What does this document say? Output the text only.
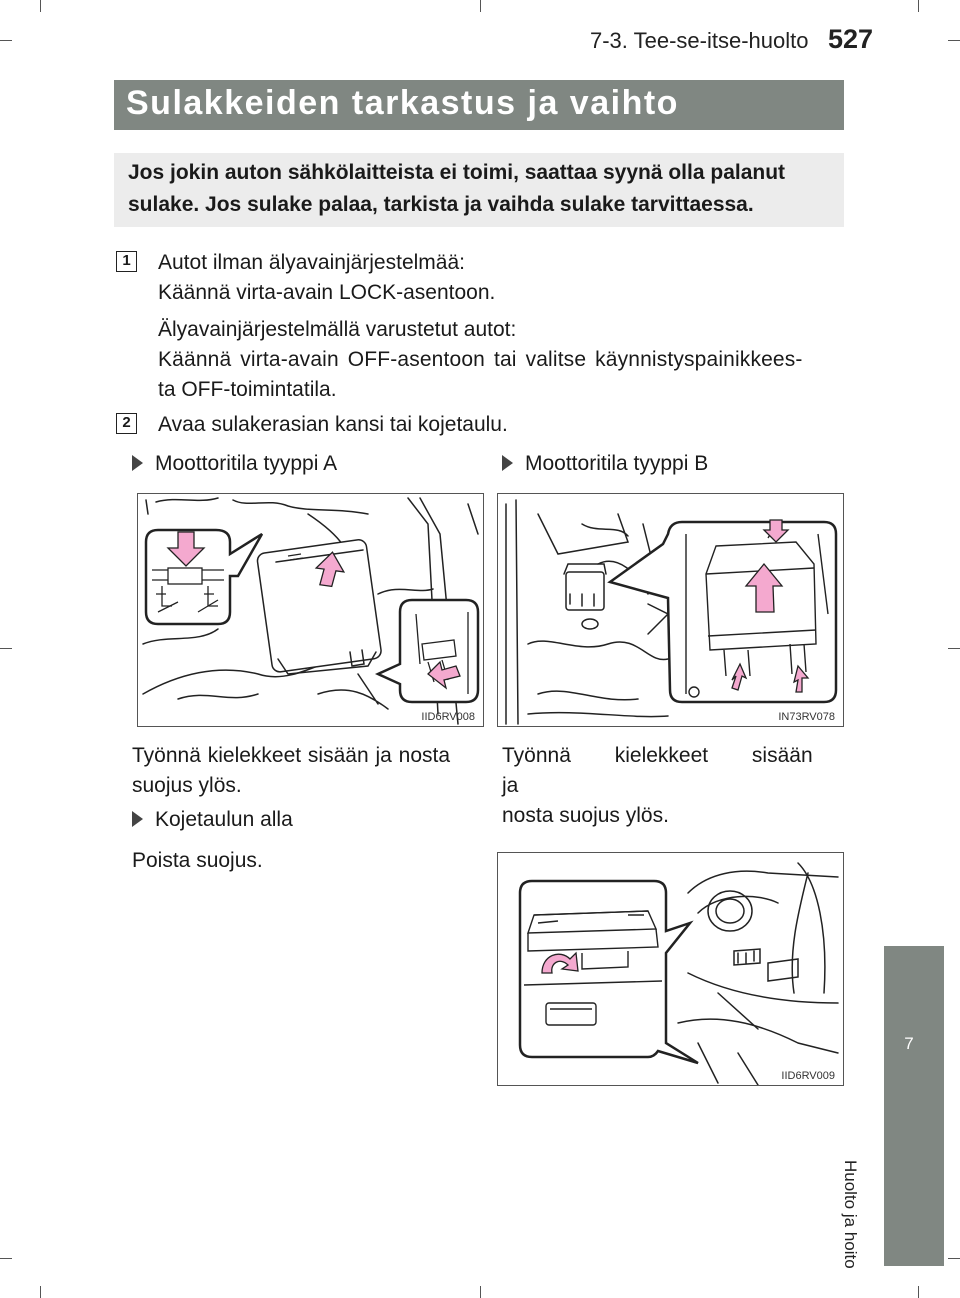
7-3. Tee-se-itse-huolto 527
Sulakkeiden tarkastus ja vaihto
Jos jokin auton sähkölaitteista ei toimi, saattaa syynä olla palanut
sulake. Jos sulake palaa, tarkista ja vaihda sulake tarvittaessa.
1	Autot ilman älyavainjärjestelmää:
Käännä virta-avain LOCK-asentoon.
Älyavainjärjestelmällä varustetut autot:
Käännä virta-avain OFF-asentoon tai valitse käynnistyspainikkees-
ta OFF-toimintatila.
2	Avaa sulakerasian kansi tai kojetaulu.
Moottoritila tyyppi A	Moottoritila tyyppi B
IID6RV008	IN73RV078
Työnnä kielekkeet sisään ja nosta
suojus ylös.
Työnnä kielekkeet sisään ja
nosta suojus ylös.
Kojetaulun alla
Poista suojus.
IID6RV009
7
Huolto ja hoito
